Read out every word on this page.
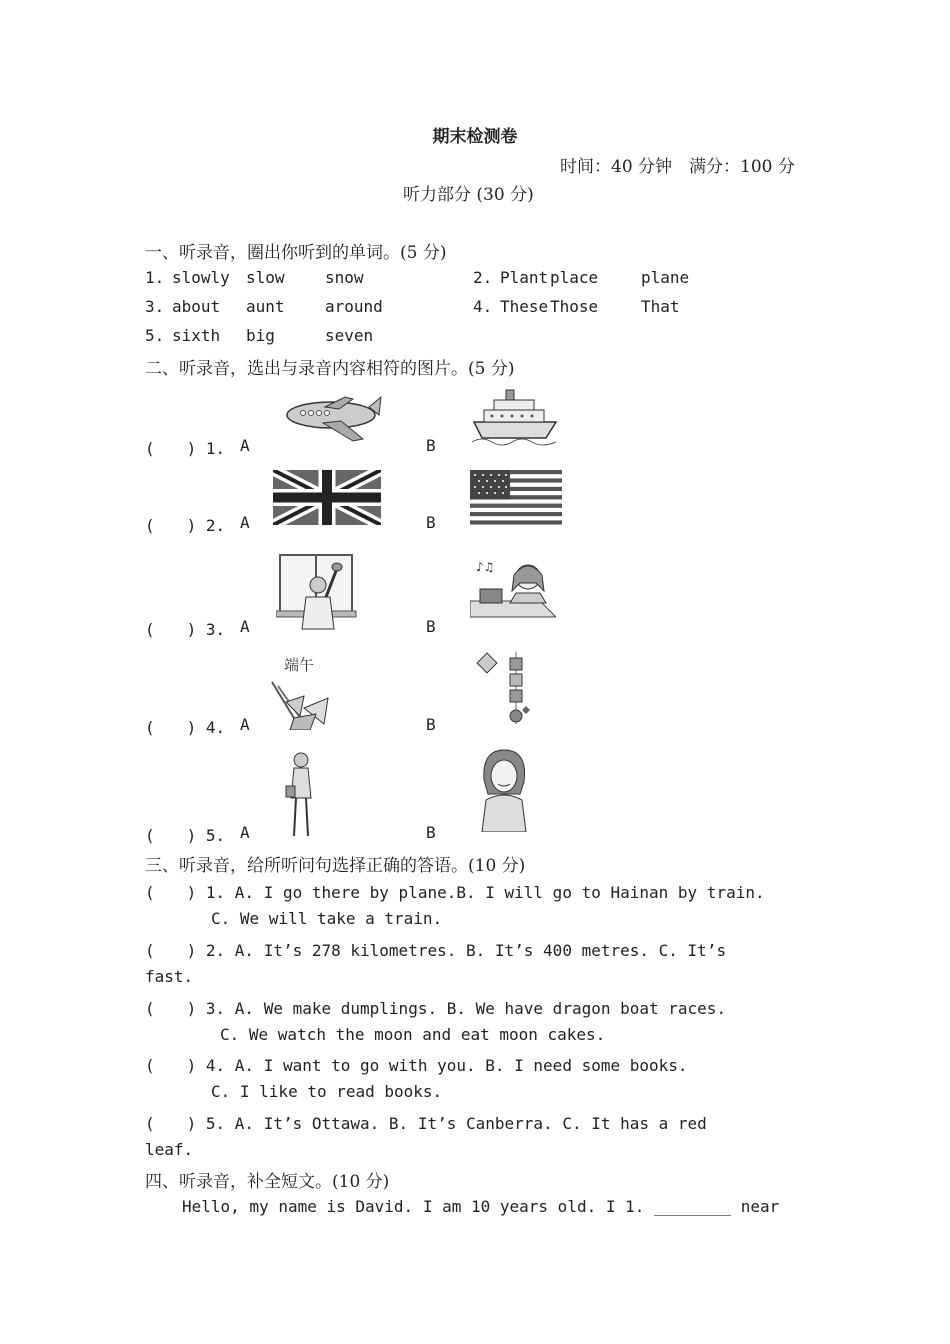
期末检测卷
时间：40 分钟　满分：100 分
听力部分 (30 分)
一、听录音，圈出你听到的单词。(5 分)
1. slowly slow	snow	2. Plant place	plane
3. about aunt	around	4. These Those	That
5. sixth big	seven
二、听录音，选出与录音内容相符的图片。(5 分)
(　　) 1. A	B
(　　) 2. A	B
(　　) 3. A	B
♪♫
(　　) 4. A	B
端午
(　　) 5. A	B
三、听录音，给所听问句选择正确的答语。(10 分)
(　　) 1. A. I go there by plane.B. I will go to Hainan by train.
C. We will take a train.
(　　) 2. A. It’s 278 kilometres. B. It’s 400 metres. C. It’s
fast.
(　　) 3. A. We make dumplings. B. We have dragon boat races.
C. We watch the moon and eat moon cakes.
(　　) 4. A. I want to go with you. B. I need some books.
C. I like to read books.
(　　) 5. A. It’s Ottawa. B. It’s Canberra. C. It has a red
leaf.
四、听录音，补全短文。(10 分)
Hello, my name is David. I am 10 years old. I 1. ________ near
